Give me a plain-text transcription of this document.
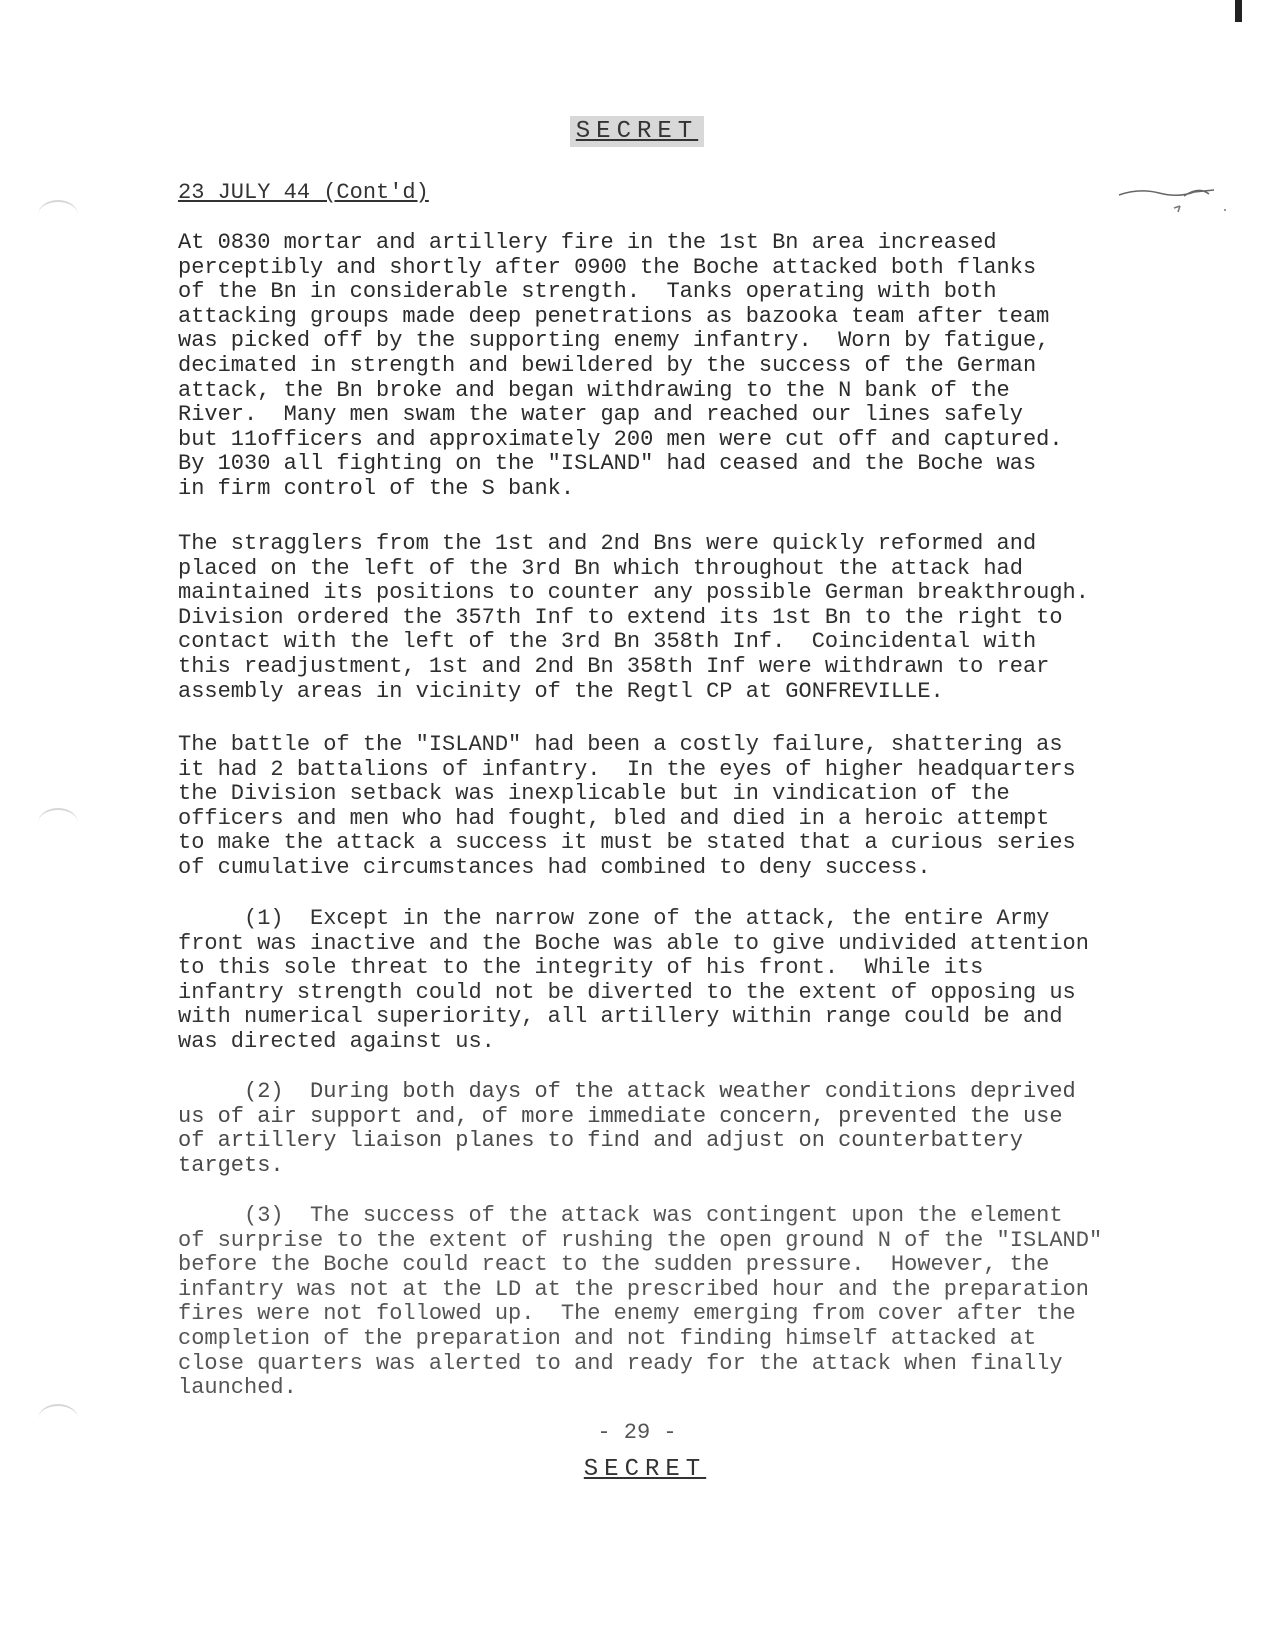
SECRET
23 JULY 44 (Cont'd)
At 0830 mortar and artillery fire in the 1st Bn area increased
perceptibly and shortly after 0900 the Boche attacked both flanks
of the Bn in considerable strength.  Tanks operating with both
attacking groups made deep penetrations as bazooka team after team
was picked off by the supporting enemy infantry.  Worn by fatigue,
decimated in strength and bewildered by the success of the German
attack, the Bn broke and began withdrawing to the N bank of the
River.  Many men swam the water gap and reached our lines safely
but 11officers and approximately 200 men were cut off and captured.
By 1030 all fighting on the "ISLAND" had ceased and the Boche was
in firm control of the S bank.
The stragglers from the 1st and 2nd Bns were quickly reformed and
placed on the left of the 3rd Bn which throughout the attack had
maintained its positions to counter any possible German breakthrough.
Division ordered the 357th Inf to extend its 1st Bn to the right to
contact with the left of the 3rd Bn 358th Inf.  Coincidental with
this readjustment, 1st and 2nd Bn 358th Inf were withdrawn to rear
assembly areas in vicinity of the Regtl CP at GONFREVILLE.
The battle of the "ISLAND" had been a costly failure, shattering as
it had 2 battalions of infantry.  In the eyes of higher headquarters
the Division setback was inexplicable but in vindication of the
officers and men who had fought, bled and died in a heroic attempt
to make the attack a success it must be stated that a curious series
of cumulative circumstances had combined to deny success.
(1)  Except in the narrow zone of the attack, the entire Army
front was inactive and the Boche was able to give undivided attention
to this sole threat to the integrity of his front.  While its
infantry strength could not be diverted to the extent of opposing us
with numerical superiority, all artillery within range could be and
was directed against us.
(2)  During both days of the attack weather conditions deprived
us of air support and, of more immediate concern, prevented the use
of artillery liaison planes to find and adjust on counterbattery
targets.
(3)  The success of the attack was contingent upon the element
of surprise to the extent of rushing the open ground N of the "ISLAND"
before the Boche could react to the sudden pressure.  However, the
infantry was not at the LD at the prescribed hour and the preparation
fires were not followed up.  The enemy emerging from cover after the
completion of the preparation and not finding himself attacked at
close quarters was alerted to and ready for the attack when finally
launched.
- 29 -
SECRET
